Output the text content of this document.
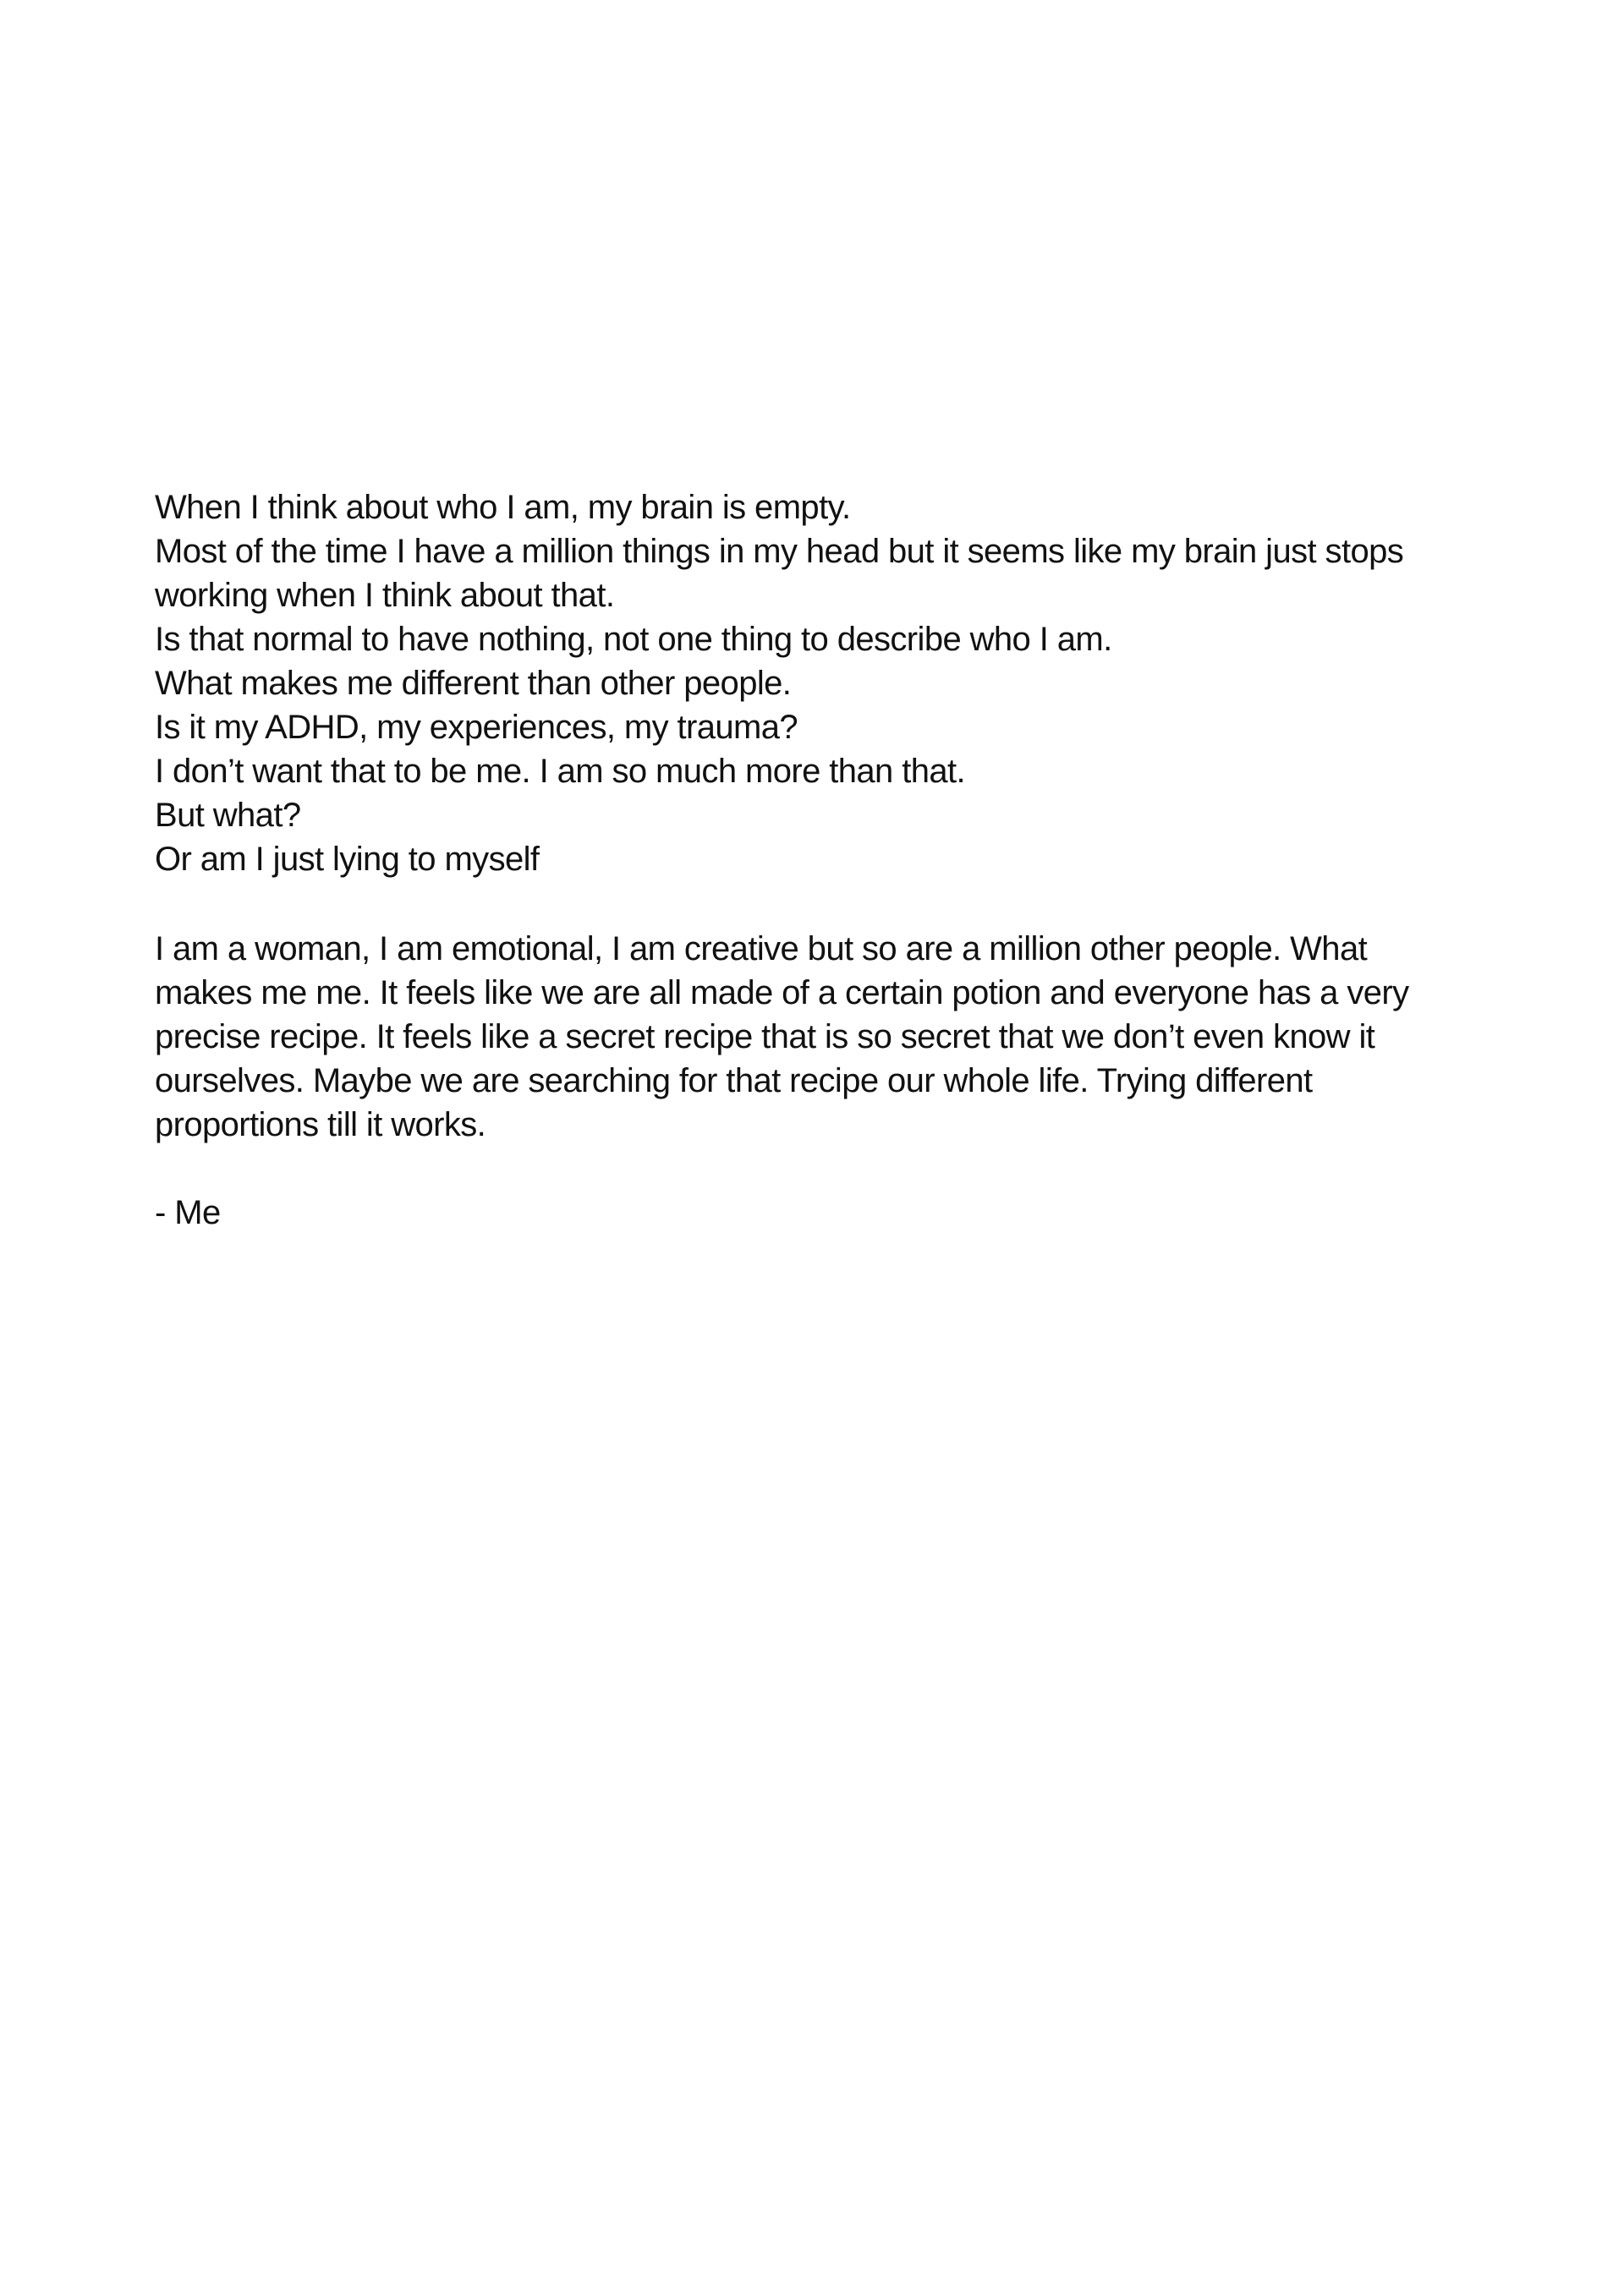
When I think about who I am, my brain is empty.
Most of the time I have a million things in my head but it seems like my brain just stops
working when I think about that.
Is that normal to have nothing, not one thing to describe who I am.
What makes me different than other people.
Is it my ADHD, my experiences, my trauma?
I don’t want that to be me. I am so much more than that.
But what?
Or am I just lying to myself
I am a woman, I am emotional, I am creative but so are a million other people. What
makes me me. It feels like we are all made of a certain potion and everyone has a very
precise recipe. It feels like a secret recipe that is so secret that we don’t even know it
ourselves. Maybe we are searching for that recipe our whole life. Trying different
proportions till it works.
- Me
